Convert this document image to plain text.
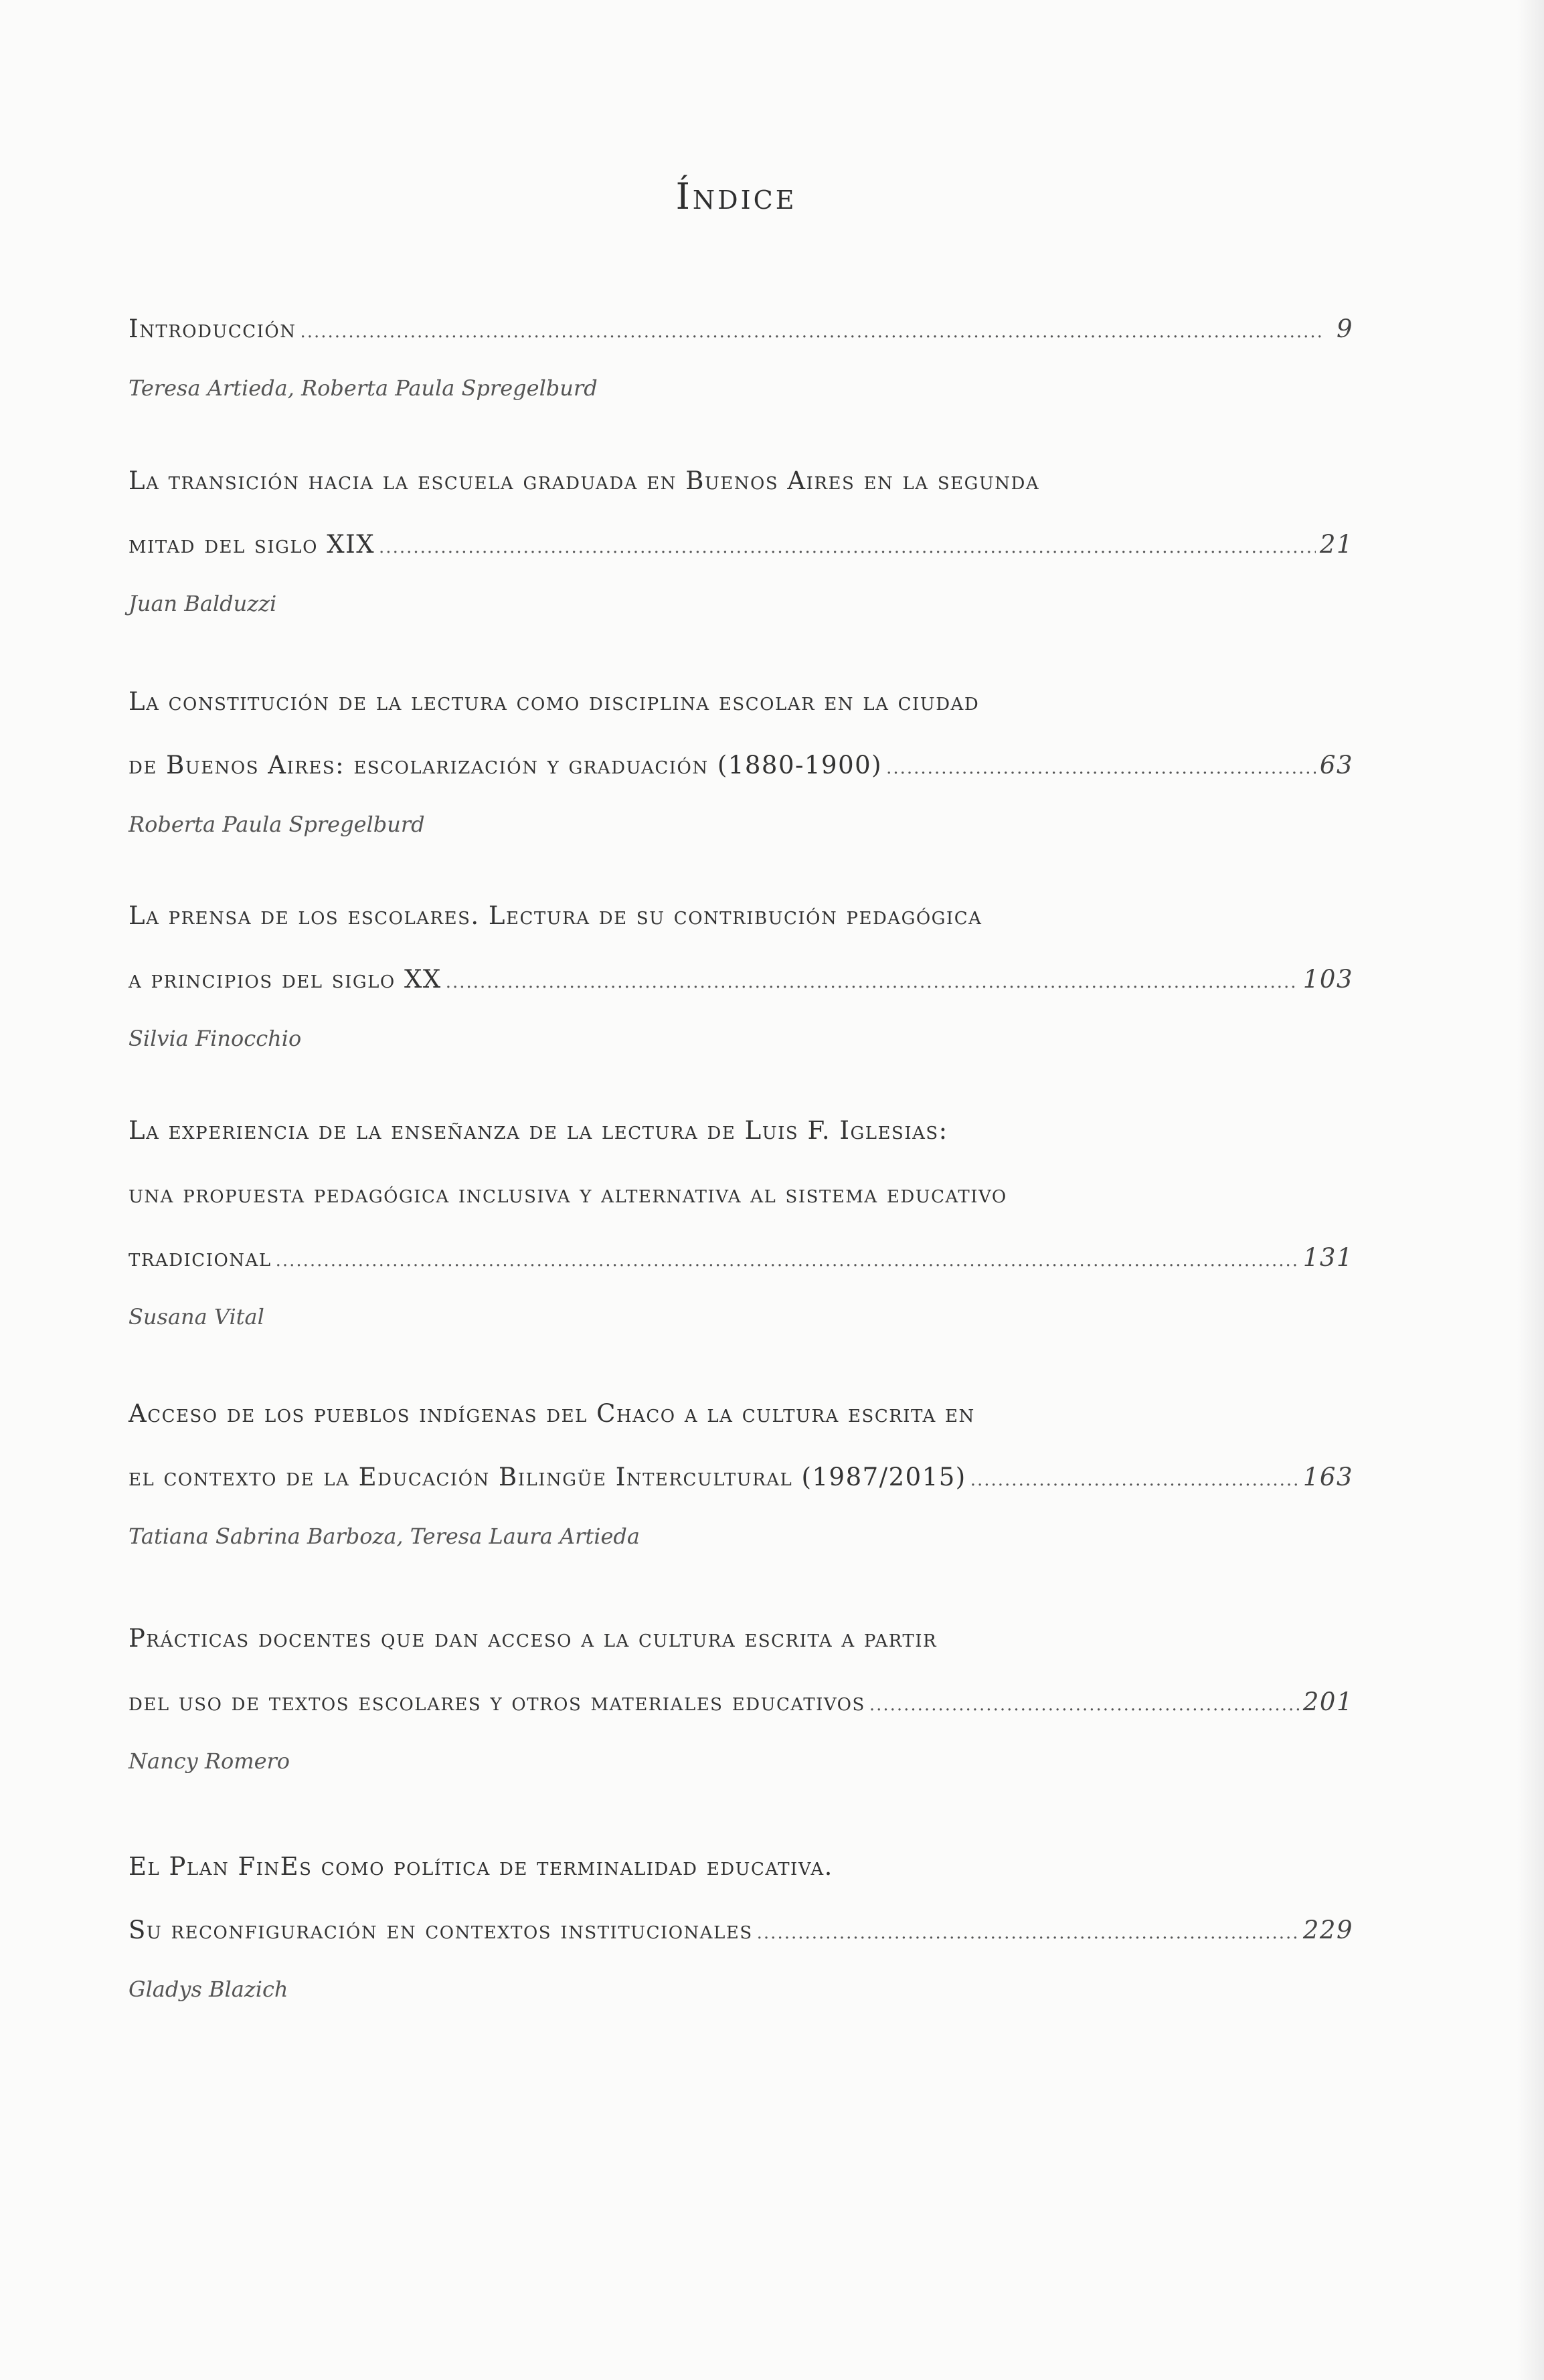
Índice
Introducción .....	9
Teresa Artieda, Roberta Paula Spregelburd
La transición hacia la escuela graduada en Buenos Aires en la segunda
mitad del siglo XIX .....	21
Juan Balduzzi
La constitución de la lectura como disciplina escolar en la ciudad
de Buenos Aires: escolarización y graduación (1880-1900) .....	63
Roberta Paula Spregelburd
La prensa de los escolares. Lectura de su contribución pedagógica
a principios del siglo XX .....	103
Silvia Finocchio
La experiencia de la enseñanza de la lectura de Luis F. Iglesias:
una propuesta pedagógica inclusiva y alternativa al sistema educativo
tradicional .....	131
Susana Vital
Acceso de los pueblos indígenas del Chaco a la cultura escrita en
el contexto de la Educación Bilingüe Intercultural (1987/2015) .....	163
Tatiana Sabrina Barboza, Teresa Laura Artieda
Prácticas docentes que dan acceso a la cultura escrita a partir
del uso de textos escolares y otros materiales educativos .....	201
Nancy Romero
El Plan FinEs como política de terminalidad educativa.
Su reconfiguración en contextos institucionales .....	229
Gladys Blazich
